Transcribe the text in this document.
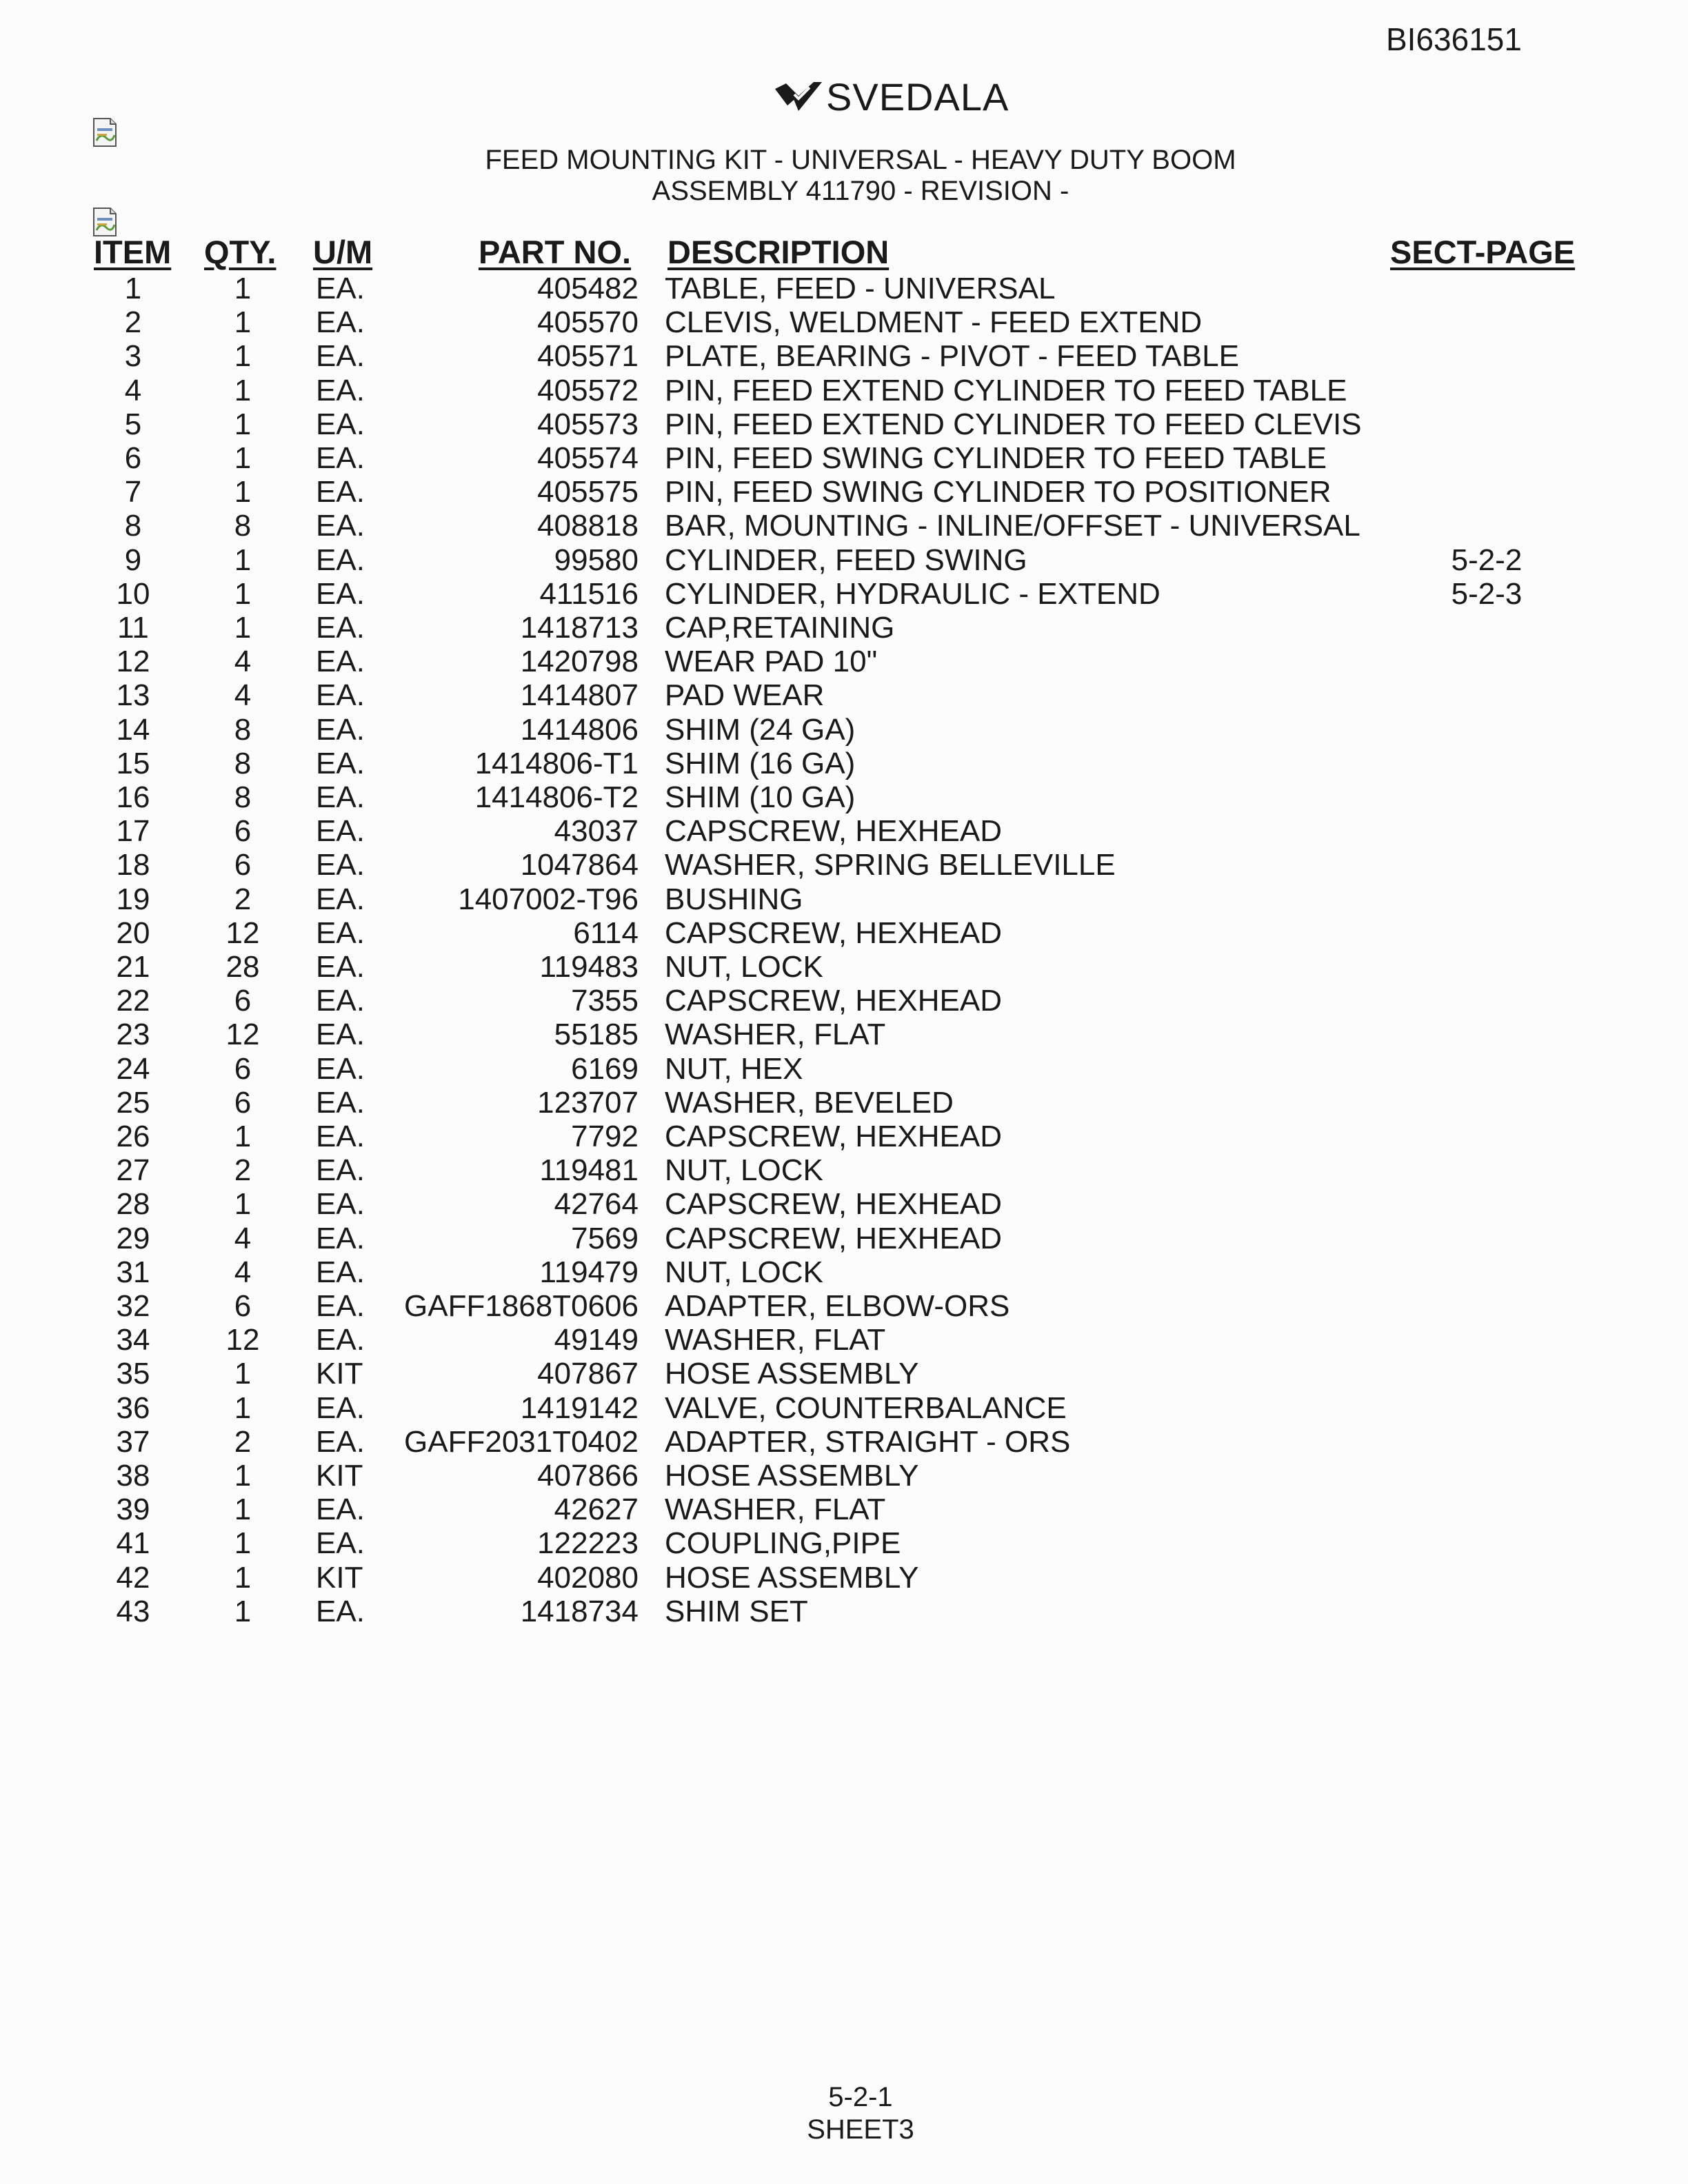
BI636151
SVEDALA
FEED MOUNTING KIT - UNIVERSAL - HEAVY DUTY BOOM
ASSEMBLY 411790 - REVISION -
ITEM QTY. U/M	PART NO. DESCRIPTION	SECT-PAGE
1	1	EA.	405482 TABLE, FEED - UNIVERSAL
2	1	EA.	405570 CLEVIS, WELDMENT - FEED EXTEND
3	1	EA.	405571 PLATE, BEARING - PIVOT - FEED TABLE
4	1	EA.	405572 PIN, FEED EXTEND CYLINDER TO FEED TABLE
5	1	EA.	405573 PIN, FEED EXTEND CYLINDER TO FEED CLEVIS
6	1	EA.	405574 PIN, FEED SWING CYLINDER TO FEED TABLE
7	1	EA.	405575 PIN, FEED SWING CYLINDER TO POSITIONER
8	8	EA.	408818 BAR, MOUNTING - INLINE/OFFSET - UNIVERSAL
9	1	EA.	99580 CYLINDER, FEED SWING	5-2-2
10	1	EA.	411516 CYLINDER, HYDRAULIC - EXTEND	5-2-3
11	1	EA.	1418713 CAP,RETAINING
12	4	EA.	1420798 WEAR PAD 10"
13	4	EA.	1414807 PAD WEAR
14	8	EA.	1414806 SHIM (24 GA)
15	8	EA.	1414806-T1 SHIM (16 GA)
16	8	EA.	1414806-T2 SHIM (10 GA)
17	6	EA.	43037 CAPSCREW, HEXHEAD
18	6	EA.	1047864 WASHER, SPRING BELLEVILLE
19	2	EA.	1407002-T96 BUSHING
20	12	EA.	6114 CAPSCREW, HEXHEAD
21	28	EA.	119483 NUT, LOCK
22	6	EA.	7355 CAPSCREW, HEXHEAD
23	12	EA.	55185 WASHER, FLAT
24	6	EA.	6169 NUT, HEX
25	6	EA.	123707 WASHER, BEVELED
26	1	EA.	7792 CAPSCREW, HEXHEAD
27	2	EA.	119481 NUT, LOCK
28	1	EA.	42764 CAPSCREW, HEXHEAD
29	4	EA.	7569 CAPSCREW, HEXHEAD
31	4	EA.	119479 NUT, LOCK
32	6	EA.	GAFF1868T0606 ADAPTER, ELBOW-ORS
34	12	EA.	49149 WASHER, FLAT
35	1	KIT	407867 HOSE ASSEMBLY
36	1	EA.	1419142 VALVE, COUNTERBALANCE
37	2	EA.	GAFF2031T0402 ADAPTER, STRAIGHT - ORS
38	1	KIT	407866 HOSE ASSEMBLY
39	1	EA.	42627 WASHER, FLAT
41	1	EA.	122223 COUPLING,PIPE
42	1	KIT	402080 HOSE ASSEMBLY
43	1	EA.	1418734 SHIM SET
5-2-1
SHEET3
